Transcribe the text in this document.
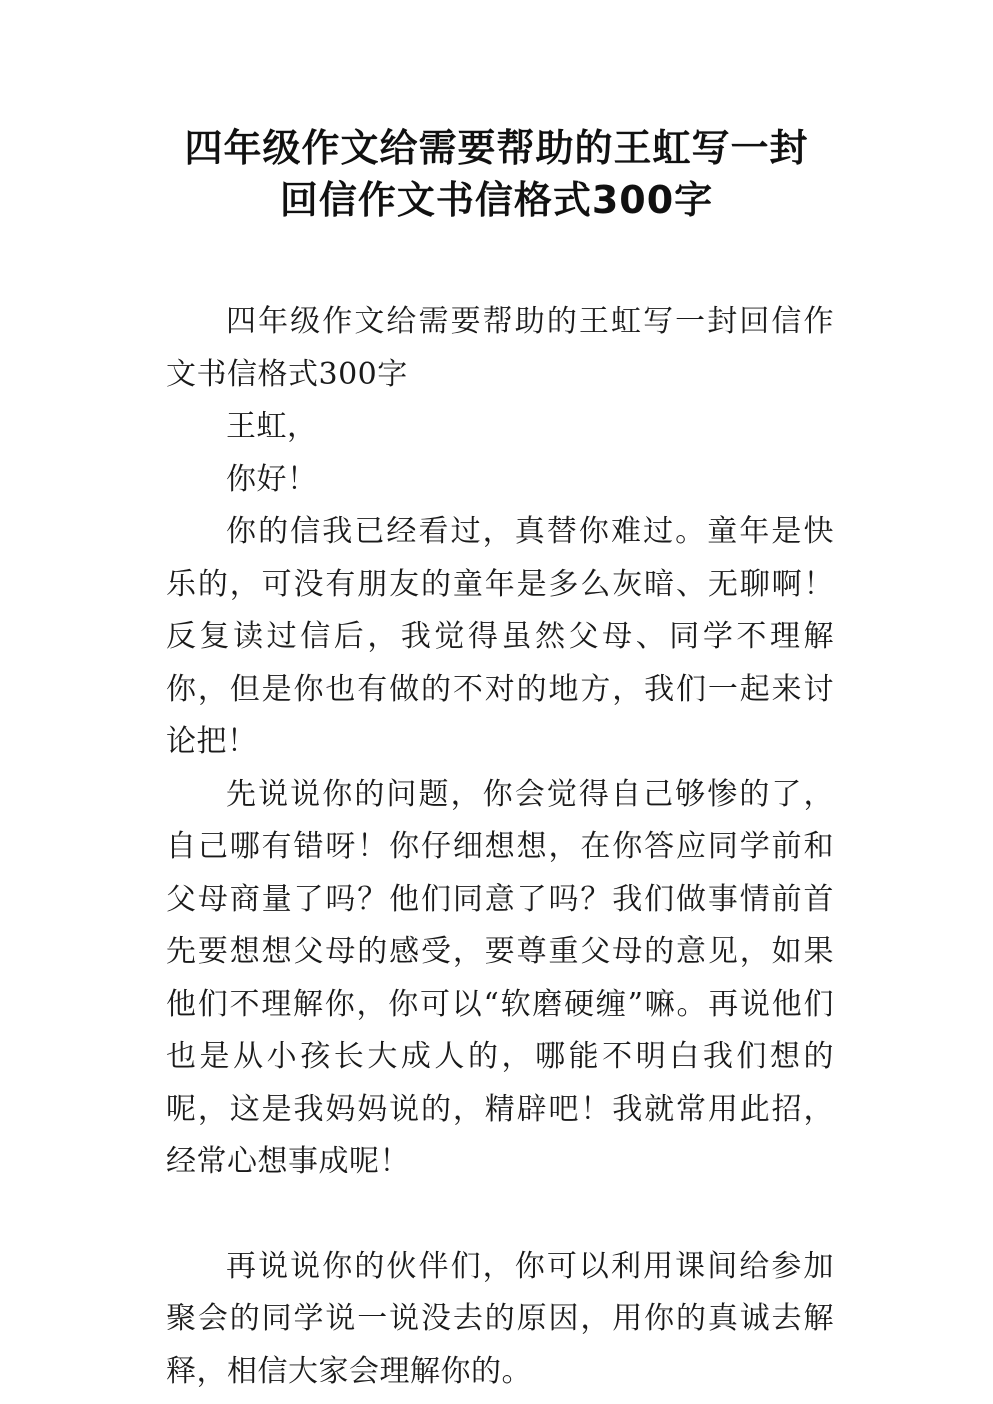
四年级作文给需要帮助的王虹写一封
回信作文书信格式300字

四年级作文给需要帮助的王虹写一封回信作文书信格式300字

王虹，

你好！

你的信我已经看过，真替你难过。童年是快乐的，可没有朋友的童年是多么灰暗、无聊啊！反复读过信后，我觉得虽然父母、同学不理解你，但是你也有做的不对的地方，我们一起来讨论把！

先说说你的问题，你会觉得自己够惨的了，自己哪有错呀！你仔细想想，在你答应同学前和父母商量了吗？他们同意了吗？我们做事情前首先要想想父母的感受，要尊重父母的意见，如果他们不理解你，你可以“软磨硬缠”嘛。再说他们也是从小孩长大成人的，哪能不明白我们想的呢，这是我妈妈说的，精辟吧！我就常用此招，经常心想事成呢！

再说说你的伙伴们，你可以利用课间给参加聚会的同学说一说没去的原因，用你的真诚去解释，相信大家会理解你的。
